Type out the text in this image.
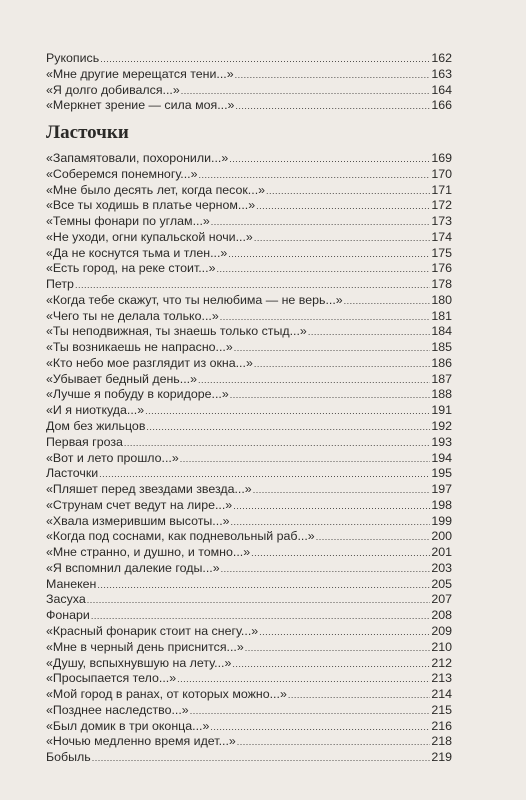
Рукопись .....	162
«Мне другие мерещатся тени...» .....	163
«Я долго добивался...» .....	164
«Меркнет зрение — сила моя...» .....	166
Ласточки
«Запамятовали, похоронили...» .....	169
«Соберемся понемногу...» .....	170
«Мне было десять лет, когда песок...» .....	171
«Все ты ходишь в платье черном...» .....	172
«Темны фонари по углам...» .....	173
«Не уходи, огни купальской ночи...» .....	174
«Да не коснутся тьма и тлен...» .....	175
«Есть город, на реке стоит...» .....	176
Петр .....	178
«Когда тебе скажут, что ты нелюбима — не верь...» .....	180
«Чего ты не делала только...» .....	181
«Ты неподвижная, ты знаешь только стыд...» .....	184
«Ты возникаешь не напрасно...» .....	185
«Кто небо мое разглядит из окна...» .....	186
«Убывает бедный день...» .....	187
«Лучше я побуду в коридоре...» .....	188
«И я ниоткуда...» .....	191
Дом без жильцов .....	192
Первая гроза .....	193
«Вот и лето прошло...» .....	194
Ласточки .....	195
«Пляшет перед звездами звезда...» .....	197
«Струнам счет ведут на лире...» .....	198
«Хвала измерившим высоты...» .....	199
«Когда под соснами, как подневольный раб...» .....	200
«Мне странно, и душно, и томно...» .....	201
«Я вспомнил далекие годы...» .....	203
Манекен .....	205
Засуха .....	207
Фонари .....	208
«Красный фонарик стоит на снегу...» .....	209
«Мне в черный день приснится...» .....	210
«Душу, вспыхнувшую на лету...» .....	212
«Просыпается тело...» .....	213
«Мой город в ранах, от которых можно...» .....	214
«Позднее наследство...» .....	215
«Был домик в три оконца...» .....	216
«Ночью медленно время идет...» .....	218
Бобыль .....	219
